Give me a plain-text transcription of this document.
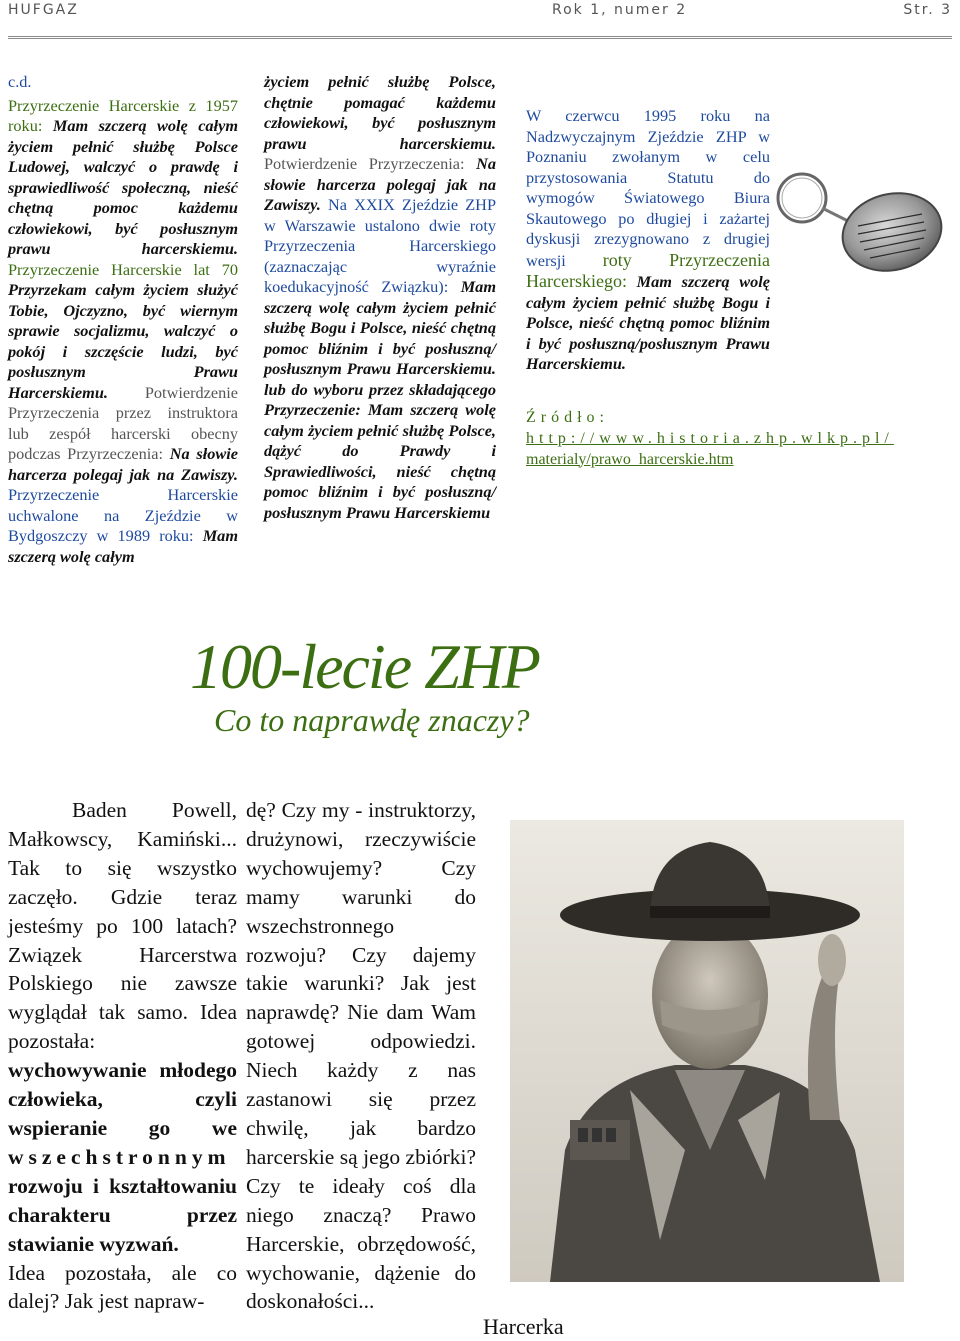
HUFGAZ	Rok 1, numer 2	Str. 3

c.d.

Przyrzeczenie Harcerskie z 1957 roku: Mam szczerą wolę całym życiem pełnić służbę Polsce Ludowej, walczyć o prawdę i sprawiedliwość społeczną, nieść chętną pomoc każdemu człowiekowi, być posłusznym prawu harcerskiemu. Przyrzeczenie Harcerskie lat 70 Przyrzekam całym życiem służyć Tobie, Ojczyzno, być wiernym sprawie socjalizmu, walczyć o pokój i szczęście ludzi, być posłusznym Prawu Harcerskiemu. Potwierdzenie Przyrzeczenia przez instruktora lub zespół harcerski obecny podczas Przyrzeczenia: Na słowie harcerza polegaj jak na Zawiszy. Przyrzeczenie Harcerskie uchwalone na Zjeździe w Bydgoszczy w 1989 roku: Mam szczerą wolę całym

życiem pełnić służbę Polsce, chętnie pomagać każdemu człowiekowi, być posłusznym prawu harcerskiemu. Potwierdzenie Przyrzeczenia: Na słowie harcerza polegaj jak na Zawiszy. Na XXIX Zjeździe ZHP w Warszawie ustalono dwie roty Przyrzeczenia Harcerskiego (zaznaczając wyraźnie koedukacyjność Związku): Mam szczerą wolę całym życiem pełnić służbę Bogu i Polsce, nieść chętną pomoc bliźnim i być posłuszną/ posłusznym Prawu Harcerskiemu. lub do wyboru przez składającego Przyrzeczenie: Mam szczerą wolę całym życiem pełnić służbę Polsce, dążyć do Prawdy i Sprawiedliwości, nieść chętną pomoc bliźnim i być posłuszną/ posłusznym Prawu Harcerskiemu

W czerwcu 1995 roku na Nadzwyczajnym Zjeździe ZHP w Poznaniu zwołanym w celu przystosowania Statutu do wymogów Światowego Biura Skautowego po długiej i zażartej dyskusji zrezygnowano z drugiej wersji roty Przyrzeczenia Harcerskiego: Mam szczerą wolę całym życiem pełnić służbę Bogu i Polsce, nieść chętną pomoc bliźnim i być posłuszną/posłusznym Prawu Harcerskiemu.

Źródło: http://www.historia.zhp.wlkp.pl/
materialy/prawo_harcerskie.htm
100-lecie ZHP
Co to naprawdę znaczy?

Baden Powell, Małkowscy, Kamiński... Tak to się wszystko zaczęło. Gdzie teraz jesteśmy po 100 latach? Związek Harcerstwa Polskiego nie zawsze wyglądał tak samo. Idea pozostała: wychowywanie młodego człowieka, czyli wspieranie go we wszechstronnym rozwoju i kształtowaniu charakteru przez stawianie wyzwań.

Idea pozostała, ale co dalej? Jak jest napraw-

dę? Czy my - instruktorzy, drużynowi, rzeczywiście wychowujemy? Czy mamy warunki do wszechstronnego rozwoju? Czy dajemy takie warunki? Jak jest naprawdę? Nie dam Wam gotowej odpowiedzi. Niech każdy z nas zastanowi się przez chwilę, jak bardzo harcerskie są jego zbiórki? Czy te ideały coś dla niego znaczą? Prawo Harcerskie, obrzędowość, wychowanie, dążenie do doskonałości...

Harcerka
